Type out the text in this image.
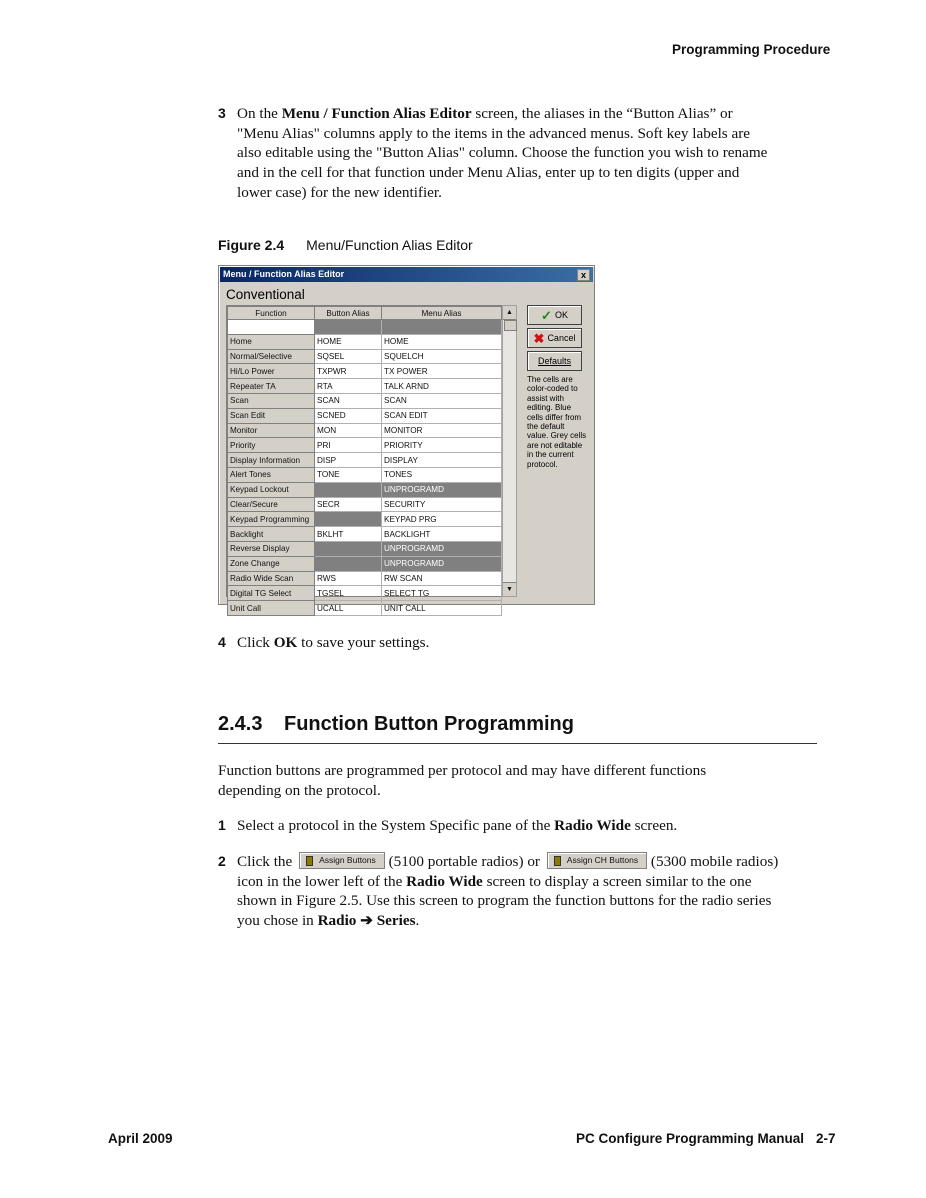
Programming Procedure
3 On the Menu / Function Alias Editor screen, the aliases in the “Button Alias” or
"Menu Alias" columns apply to the items in the advanced menus. Soft key labels are
also editable using the "Button Alias" column. Choose the function you wish to rename
and in the cell for that function under Menu Alias, enter up to ten digits (upper and
lower case) for the new identifier.
Figure 2.4 Menu/Function Alias Editor
Menu / Function Alias Editor	x
Conventional
Function	Button Alias	Menu Alias

Home	HOME	HOME
Normal/Selective	SQSEL	SQUELCH
Hi/Lo Power	TXPWR	TX POWER
Repeater TA	RTA	TALK ARND
Scan	SCAN	SCAN
Scan Edit	SCNED	SCAN EDIT
Monitor	MON	MONITOR
Priority	PRI	PRIORITY
Display Information	DISP	DISPLAY
Alert Tones	TONE	TONES
Keypad Lockout		UNPROGRAMD
Clear/Secure	SECR	SECURITY
Keypad Programming		KEYPAD PRG
Backlight	BKLHT	BACKLIGHT
Reverse Display		UNPROGRAMD
Zone Change		UNPROGRAMD
Radio Wide Scan	RWS	RW SCAN
Digital TG Select	TGSEL	SELECT TG
Unit Call	UCALL	UNIT CALL
▲
▼
✓ OK
✖ Cancel
Defaults
The cells are color-coded to assist with editing. Blue cells differ from the default value. Grey cells are not editable in the current protocol.
4 Click OK to save your settings.
2.4.3 Function Button Programming
Function buttons are programmed per protocol and may have different functions
depending on the protocol.
1 Select a protocol in the System Specific pane of the Radio Wide screen.
2 Click the	Assign Buttons (5100 portable radios) or	Assign CH Buttons (5300 mobile radios)
icon in the lower left of the Radio Wide screen to display a screen similar to the one
shown in Figure 2.5. Use this screen to program the function buttons for the radio series
you chose in Radio ➔ Series.
April 2009	PC Configure Programming Manual 2-7
